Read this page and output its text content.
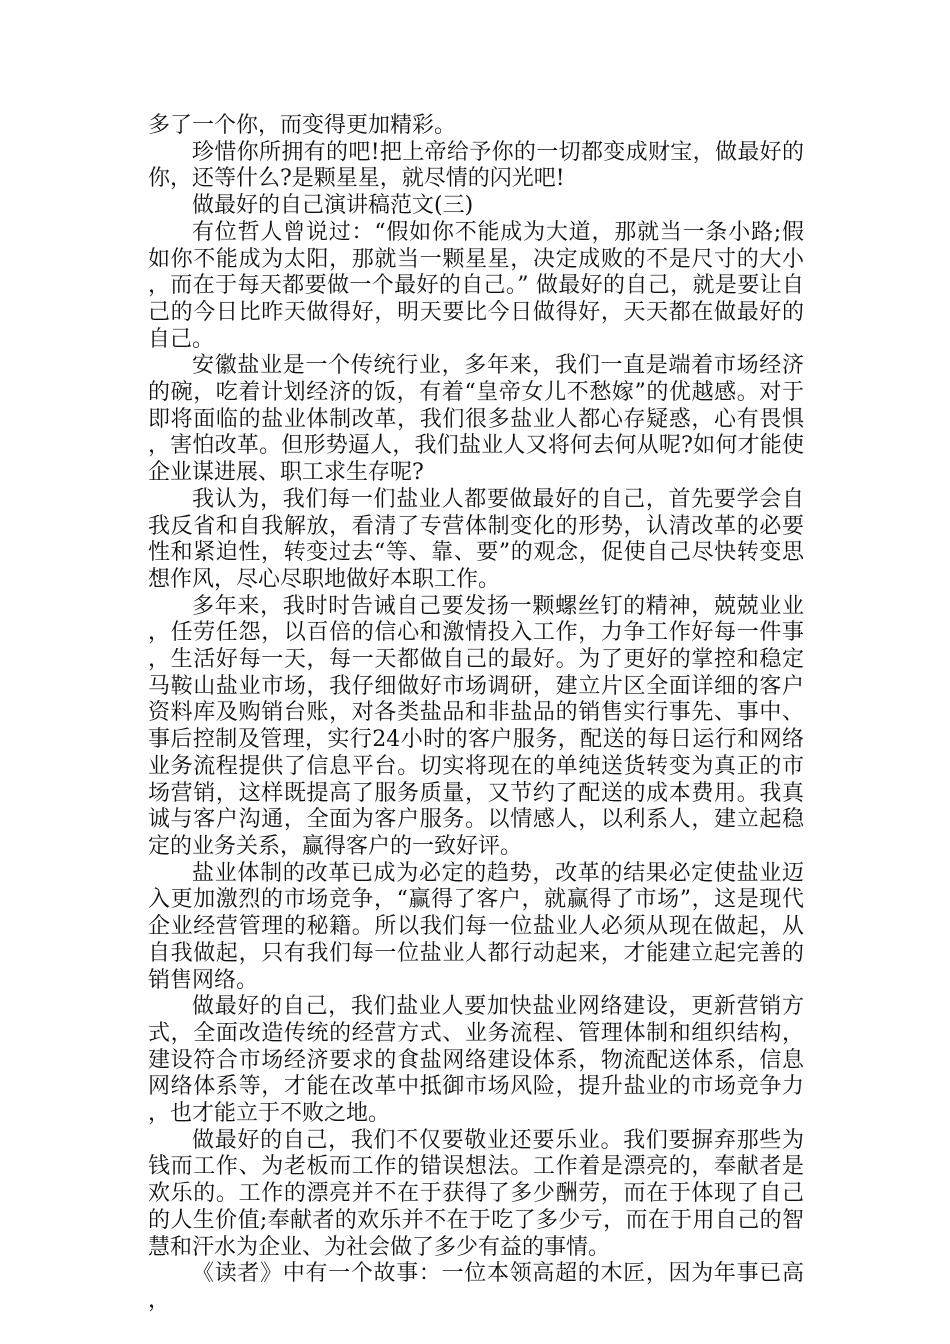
多了一个你，而变得更加精彩。

珍惜你所拥有的吧!把上帝给予你的一切都变成财宝，做最好的你，还等什么?是颗星星，就尽情的闪光吧!

做最好的自己演讲稿范文(三)

有位哲人曾说过：“假如你不能成为大道，那就当一条小路;假如你不能成为太阳，那就当一颗星星，决定成败的不是尺寸的大小，而在于每天都要做一个最好的自己。” 做最好的自己，就是要让自己的今日比昨天做得好，明天要比今日做得好，天天都在做最好的自己。

安徽盐业是一个传统行业，多年来，我们一直是端着市场经济的碗，吃着计划经济的饭，有着“皇帝女儿不愁嫁”的优越感。对于即将面临的盐业体制改革，我们很多盐业人都心存疑惑，心有畏惧，害怕改革。但形势逼人，我们盐业人又将何去何从呢?如何才能使企业谋进展、职工求生存呢?

我认为，我们每一们盐业人都要做最好的自己，首先要学会自我反省和自我解放，看清了专营体制变化的形势，认清改革的必要性和紧迫性，转变过去“等、靠、要”的观念，促使自己尽快转变思想作风，尽心尽职地做好本职工作。

多年来，我时时告诫自己要发扬一颗螺丝钉的精神，兢兢业业，任劳任怨，以百倍的信心和激情投入工作，力争工作好每一件事，生活好每一天，每一天都做自己的最好。为了更好的掌控和稳定马鞍山盐业市场，我仔细做好市场调研，建立片区全面详细的客户资料库及购销台账，对各类盐品和非盐品的销售实行事先、事中、事后控制及管理，实行24小时的客户服务，配送的每日运行和网络业务流程提供了信息平台。切实将现在的单纯送货转变为真正的市场营销，这样既提高了服务质量，又节约了配送的成本费用。我真诚与客户沟通，全面为客户服务。以情感人，以利系人，建立起稳定的业务关系，赢得客户的一致好评。

盐业体制的改革已成为必定的趋势，改革的结果必定使盐业迈入更加激烈的市场竞争，“赢得了客户，就赢得了市场”，这是现代企业经营管理的秘籍。所以我们每一位盐业人必须从现在做起，从自我做起，只有我们每一位盐业人都行动起来，才能建立起完善的销售网络。

做最好的自己，我们盐业人要加快盐业网络建设，更新营销方式，全面改造传统的经营方式、业务流程、管理体制和组织结构，建设符合市场经济要求的食盐网络建设体系，物流配送体系，信息网络体系等，才能在改革中抵御市场风险，提升盐业的市场竞争力，也才能立于不败之地。

做最好的自己，我们不仅要敬业还要乐业。我们要摒弃那些为钱而工作、为老板而工作的错误想法。工作着是漂亮的，奉献者是欢乐的。工作的漂亮并不在于获得了多少酬劳，而在于体现了自己的人生价值;奉献者的欢乐并不在于吃了多少亏，而在于用自己的智慧和汗水为企业、为社会做了多少有益的事情。

《读者》中有一个故事：一位本领高超的木匠，因为年事已高，
